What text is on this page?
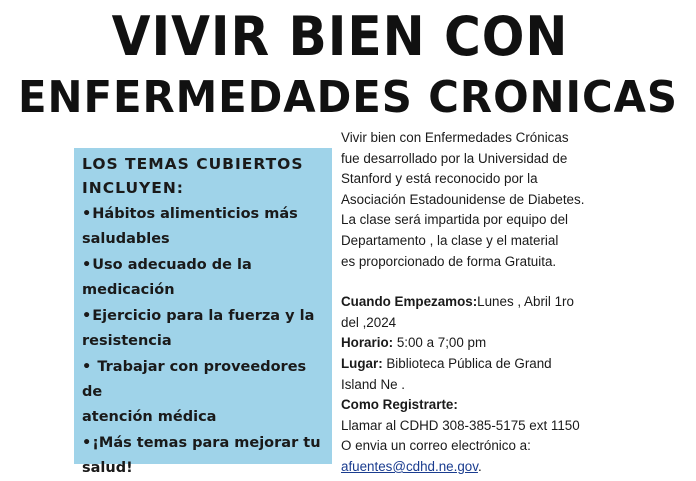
VIVIR BIEN CON
ENFERMEDADES CRONICAS
LOS TEMAS CUBIERTOS
INCLUYEN:
•Hábitos alimenticios más
saludables
•Uso adecuado de la
medicación
•Ejercicio para la fuerza y la
resistencia
• Trabajar con proveedores de
atención médica
•¡Más temas para mejorar tu
salud!

Vivir bien con Enfermedades Crónicas
fue desarrollado por la Universidad de
Stanford y está reconocido por la
Asociación Estadounidense de Diabetes.
La clase será impartida por equipo del
Departamento , la clase y el material
es proporcionado de forma Gratuita.

Cuando Empezamos:Lunes , Abril 1ro
del ,2024
Horario: 5:00 a 7;00 pm
Lugar: Biblioteca Pública de Grand
Island Ne .
Como Registrarte:
Llamar al CDHD 308-385-5175 ext 1150
O envia un correo electrónico a:
afuentes@cdhd.ne.gov.
